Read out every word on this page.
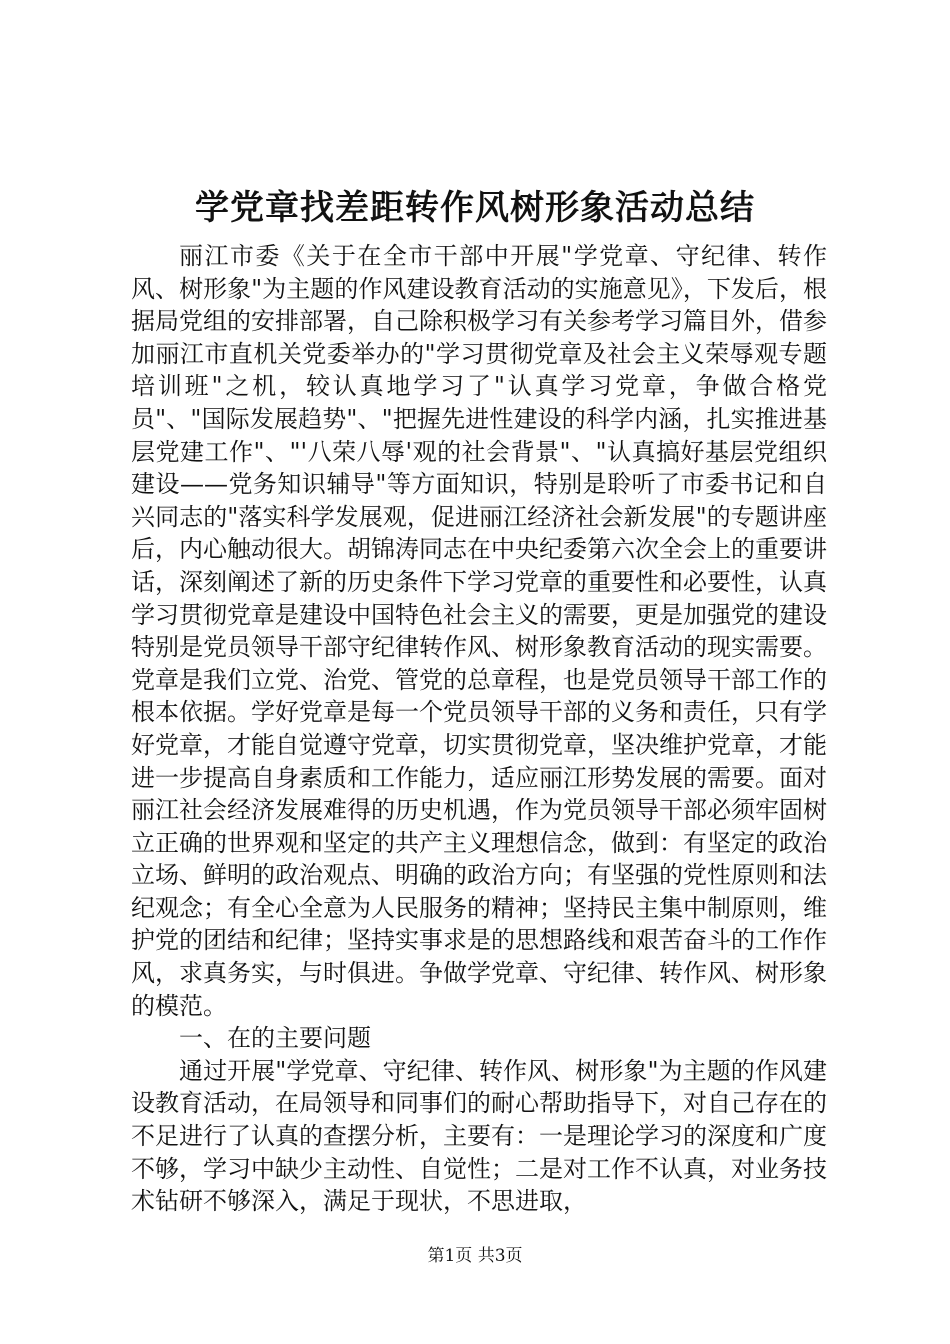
学党章找差距转作风树形象活动总结

丽江市委《关于在全市干部中开展"学党章、守纪律、转作风、树形象"为主题的作风建设教育活动的实施意见》，下发后，根据局党组的安排部署，自己除积极学习有关参考学习篇目外，借参加丽江市直机关党委举办的"学习贯彻党章及社会主义荣辱观专题培训班"之机，较认真地学习了"认真学习党章，争做合格党员"、"国际发展趋势"、"把握先进性建设的科学内涵，扎实推进基层党建工作"、"'八荣八辱'观的社会背景"、"认真搞好基层党组织建设——党务知识辅导"等方面知识，特别是聆听了市委书记和自兴同志的"落实科学发展观，促进丽江经济社会新发展"的专题讲座后，内心触动很大。胡锦涛同志在中央纪委第六次全会上的重要讲话，深刻阐述了新的历史条件下学习党章的重要性和必要性，认真学习贯彻党章是建设中国特色社会主义的需要，更是加强党的建设特别是党员领导干部守纪律转作风、树形象教育活动的现实需要。党章是我们立党、治党、管党的总章程，也是党员领导干部工作的根本依据。学好党章是每一个党员领导干部的义务和责任，只有学好党章，才能自觉遵守党章，切实贯彻党章，坚决维护党章，才能进一步提高自身素质和工作能力，适应丽江形势发展的需要。面对丽江社会经济发展难得的历史机遇，作为党员领导干部必须牢固树立正确的世界观和坚定的共产主义理想信念，做到：有坚定的政治立场、鲜明的政治观点、明确的政治方向；有坚强的党性原则和法纪观念；有全心全意为人民服务的精神；坚持民主集中制原则，维护党的团结和纪律；坚持实事求是的思想路线和艰苦奋斗的工作作风，求真务实，与时俱进。争做学党章、守纪律、转作风、树形象的模范。

一、在的主要问题

通过开展"学党章、守纪律、转作风、树形象"为主题的作风建设教育活动，在局领导和同事们的耐心帮助指导下，对自己存在的不足进行了认真的查摆分析，主要有：一是理论学习的深度和广度不够，学习中缺少主动性、自觉性；二是对工作不认真，对业务技术钻研不够深入，满足于现状，不思进取，

第1页 共3页
